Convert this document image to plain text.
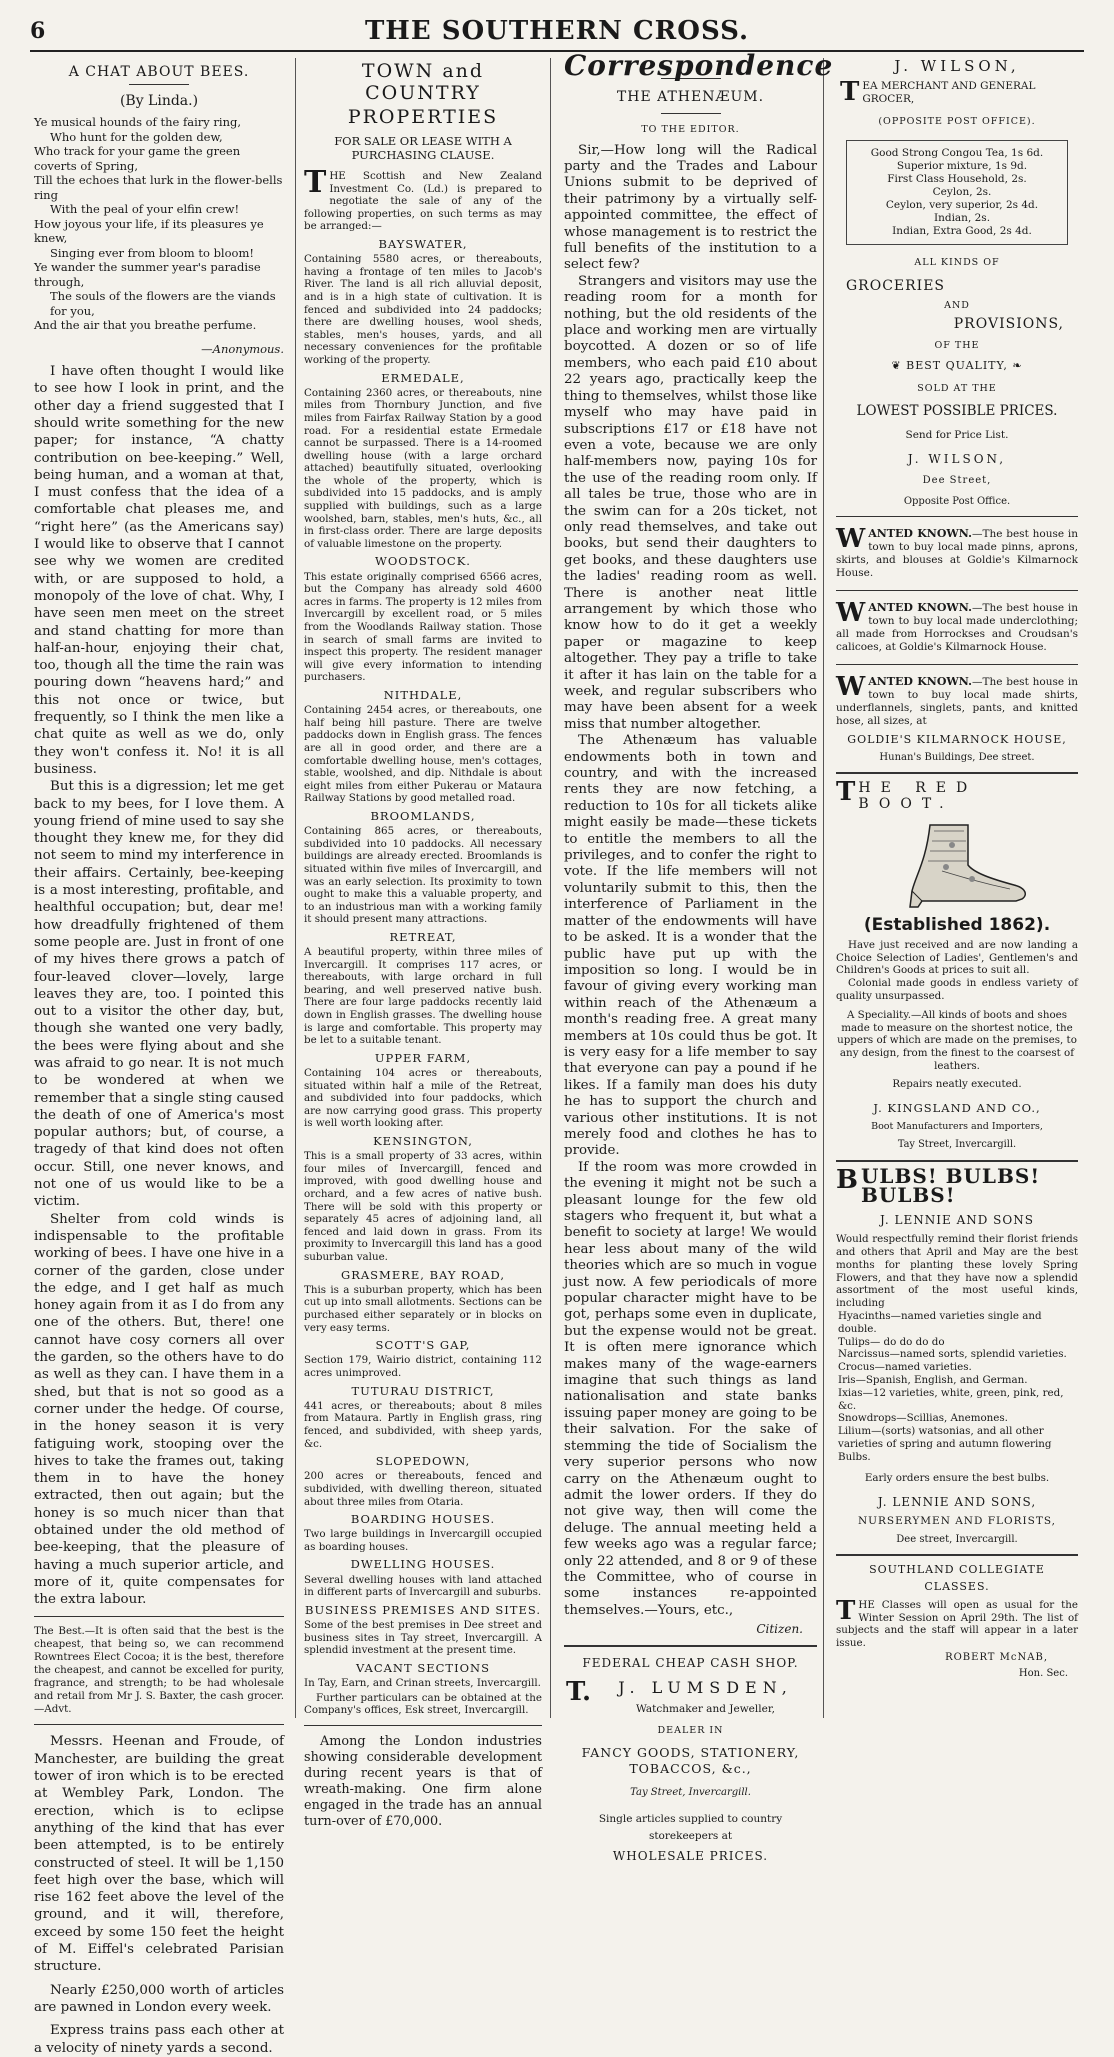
6	THE SOUTHERN CROSS.
A CHAT ABOUT BEES.
(By Linda.)
Ye musical hounds of the fairy ring,
Who hunt for the golden dew,
Who track for your game the green coverts of Spring,
Till the echoes that lurk in the flower-bells ring
With the peal of your elfin crew!
How joyous your life, if its pleasures ye knew,
Singing ever from bloom to bloom!
Ye wander the summer year's paradise through,
The souls of the flowers are the viands for you,
And the air that you breathe perfume.
—Anonymous.

I have often thought I would like to see how I look in print, and the other day a friend suggested that I should write something for the new paper; for instance, “A chatty contribution on bee-keeping.” Well, being human, and a woman at that, I must confess that the idea of a comfortable chat pleases me, and “right here” (as the Americans say) I would like to observe that I cannot see why we women are credited with, or are supposed to hold, a monopoly of the love of chat. Why, I have seen men meet on the street and stand chatting for more than half-an-hour, enjoying their chat, too, though all the time the rain was pouring down “heavens hard;” and this not once or twice, but frequently, so I think the men like a chat quite as well as we do, only they won't confess it. No! it is all business.

But this is a digression; let me get back to my bees, for I love them. A young friend of mine used to say she thought they knew me, for they did not seem to mind my interference in their affairs. Certainly, bee-keeping is a most interesting, profitable, and healthful occupation; but, dear me! how dreadfully frightened of them some people are. Just in front of one of my hives there grows a patch of four-leaved clover—lovely, large leaves they are, too. I pointed this out to a visitor the other day, but, though she wanted one very badly, the bees were flying about and she was afraid to go near. It is not much to be wondered at when we remember that a single sting caused the death of one of America's most popular authors; but, of course, a tragedy of that kind does not often occur. Still, one never knows, and not one of us would like to be a victim.

Shelter from cold winds is indispensable to the profitable working of bees. I have one hive in a corner of the garden, close under the edge, and I get half as much honey again from it as I do from any one of the others. But, there! one cannot have cosy corners all over the garden, so the others have to do as well as they can. I have them in a shed, but that is not so good as a corner under the hedge. Of course, in the honey season it is very fatiguing work, stooping over the hives to take the frames out, taking them in to have the honey extracted, then out again; but the honey is so much nicer than that obtained under the old method of bee-keeping, that the pleasure of having a much superior article, and more of it, quite compensates for the extra labour.

The Best.—It is often said that the best is the cheapest, that being so, we can recommend Rowntrees Elect Cocoa; it is the best, therefore the cheapest, and cannot be excelled for purity, fragrance, and strength; to be had wholesale and retail from Mr J. S. Baxter, the cash grocer.—Advt.

Messrs. Heenan and Froude, of Manchester, are building the great tower of iron which is to be erected at Wembley Park, London. The erection, which is to eclipse anything of the kind that has ever been attempted, is to be entirely constructed of steel. It will be 1,150 feet high over the base, which will rise 162 feet above the level of the ground, and it will, therefore, exceed by some 150 feet the height of M. Eiffel's celebrated Parisian structure.

Nearly £250,000 worth of articles are pawned in London every week.

Express trains pass each other at a velocity of ninety yards a second.

TOWN and COUNTRY
PROPERTIES
FOR SALE OR LEASE WITH A PURCHASING CLAUSE.

THE Scottish and New Zealand Investment Co. (Ld.) is prepared to negotiate the sale of any of the following properties, on such terms as may be arranged:—

BAYSWATER,

Containing 5580 acres, or thereabouts, having a frontage of ten miles to Jacob's River. The land is all rich alluvial deposit, and is in a high state of cultivation. It is fenced and subdivided into 24 paddocks; there are dwelling houses, wool sheds, stables, men's houses, yards, and all necessary conveniences for the profitable working of the property.

ERMEDALE,

Containing 2360 acres, or thereabouts, nine miles from Thornbury Junction, and five miles from Fairfax Railway Station by a good road. For a residential estate Ermedale cannot be surpassed. There is a 14-roomed dwelling house (with a large orchard attached) beautifully situated, overlooking the whole of the property, which is subdivided into 15 paddocks, and is amply supplied with buildings, such as a large woolshed, barn, stables, men's huts, &c., all in first-class order. There are large deposits of valuable limestone on the property.

WOODSTOCK.

This estate originally comprised 6566 acres, but the Company has already sold 4600 acres in farms. The property is 12 miles from Invercargill by excellent road, or 5 miles from the Woodlands Railway station. Those in search of small farms are invited to inspect this property. The resident manager will give every information to intending purchasers.

NITHDALE,

Containing 2454 acres, or thereabouts, one half being hill pasture. There are twelve paddocks down in English grass. The fences are all in good order, and there are a comfortable dwelling house, men's cottages, stable, woolshed, and dip. Nithdale is about eight miles from either Pukerau or Mataura Railway Stations by good metalled road.

BROOMLANDS,

Containing 865 acres, or thereabouts, subdivided into 10 paddocks. All necessary buildings are already erected. Broomlands is situated within five miles of Invercargill, and was an early selection. Its proximity to town ought to make this a valuable property, and to an industrious man with a working family it should present many attractions.

RETREAT,

A beautiful property, within three miles of Invercargill. It comprises 117 acres, or thereabouts, with large orchard in full bearing, and well preserved native bush. There are four large paddocks recently laid down in English grasses. The dwelling house is large and comfortable. This property may be let to a suitable tenant.

UPPER FARM,

Containing 104 acres or thereabouts, situated within half a mile of the Retreat, and subdivided into four paddocks, which are now carrying good grass. This property is well worth looking after.

KENSINGTON,

This is a small property of 33 acres, within four miles of Invercargill, fenced and improved, with good dwelling house and orchard, and a few acres of native bush. There will be sold with this property or separately 45 acres of adjoining land, all fenced and laid down in grass. From its proximity to Invercargill this land has a good suburban value.

GRASMERE, BAY ROAD,

This is a suburban property, which has been cut up into small allotments. Sections can be purchased either separately or in blocks on very easy terms.

SCOTT'S GAP,

Section 179, Wairio district, containing 112 acres unimproved.

TUTURAU DISTRICT,

441 acres, or thereabouts; about 8 miles from Mataura. Partly in English grass, ring fenced, and subdivided, with sheep yards, &c.

SLOPEDOWN,

200 acres or thereabouts, fenced and subdivided, with dwelling thereon, situated about three miles from Otaria.

BOARDING HOUSES.

Two large buildings in Invercargill occupied as boarding houses.

DWELLING HOUSES.

Several dwelling houses with land attached in different parts of Invercargill and suburbs.

BUSINESS PREMISES AND SITES.

Some of the best premises in Dee street and business sites in Tay street, Invercargill. A splendid investment at the present time.

VACANT SECTIONS

In Tay, Earn, and Crinan streets, Invercargill.

Further particulars can be obtained at the Company's offices, Esk street, Invercargill.

Among the London industries showing considerable development during recent years is that of wreath-making. One firm alone engaged in the trade has an annual turn-over of £70,000.

Correspondence
THE ATHENÆUM.
TO THE EDITOR.

Sir,—How long will the Radical party and the Trades and Labour Unions submit to be deprived of their patrimony by a virtually self-appointed committee, the effect of whose management is to restrict the full benefits of the institution to a select few?

Strangers and visitors may use the reading room for a month for nothing, but the old residents of the place and working men are virtually boycotted. A dozen or so of life members, who each paid £10 about 22 years ago, practically keep the thing to themselves, whilst those like myself who may have paid in subscriptions £17 or £18 have not even a vote, because we are only half-members now, paying 10s for the use of the reading room only. If all tales be true, those who are in the swim can for a 20s ticket, not only read themselves, and take out books, but send their daughters to get books, and these daughters use the ladies' reading room as well. There is another neat little arrangement by which those who know how to do it get a weekly paper or magazine to keep altogether. They pay a trifle to take it after it has lain on the table for a week, and regular subscribers who may have been absent for a week miss that number altogether.

The Athenæum has valuable endowments both in town and country, and with the increased rents they are now fetching, a reduction to 10s for all tickets alike might easily be made—these tickets to entitle the members to all the privileges, and to confer the right to vote. If the life members will not voluntarily submit to this, then the interference of Parliament in the matter of the endowments will have to be asked. It is a wonder that the public have put up with the imposition so long. I would be in favour of giving every working man within reach of the Athenæum a month's reading free. A great many members at 10s could thus be got. It is very easy for a life member to say that everyone can pay a pound if he likes. If a family man does his duty he has to support the church and various other institutions. It is not merely food and clothes he has to provide.

If the room was more crowded in the evening it might not be such a pleasant lounge for the few old stagers who frequent it, but what a benefit to society at large! We would hear less about many of the wild theories which are so much in vogue just now. A few periodicals of more popular character might have to be got, perhaps some even in duplicate, but the expense would not be great. It is often mere ignorance which makes many of the wage-earners imagine that such things as land nationalisation and state banks issuing paper money are going to be their salvation. For the sake of stemming the tide of Socialism the very superior persons who now carry on the Athenæum ought to admit the lower orders. If they do not give way, then will come the deluge. The annual meeting held a few weeks ago was a regular farce; only 22 attended, and 8 or 9 of these the Committee, who of course in some instances re-appointed themselves.—Yours, etc.,

Citizen.
FEDERAL CHEAP CASH SHOP.
T. J. LUMSDEN,
Watchmaker and Jeweller,
DEALER IN
FANCY GOODS, STATIONERY, TOBACCOS, &c.,
Tay Street, Invercargill.
Single articles supplied to country storekeepers at
WHOLESALE PRICES.
J. WILSON,
T EA MERCHANT AND GENERAL GROCER,
(OPPOSITE POST OFFICE).
Good Strong Congou Tea, 1s 6d.
Superior mixture, 1s 9d.
First Class Household, 2s.
Ceylon, 2s.
Ceylon, very superior, 2s 4d.
Indian, 2s.
Indian, Extra Good, 2s 4d.
ALL KINDS OF
GROCERIES
AND
PROVISIONS,
OF THE
❦ BEST QUALITY, ❧
SOLD AT THE
LOWEST POSSIBLE PRICES.
Send for Price List.
J. WILSON,
Dee Street,
Opposite Post Office.
WANTED KNOWN.—The best house in town to buy local made pinns, aprons, skirts, and blouses at Goldie's Kilmarnock House.
WANTED KNOWN.—The best house in town to buy local made underclothing; all made from Horrockses and Croudsan's calicoes, at Goldie's Kilmarnock House.
WANTED KNOWN.—The best house in town to buy local made shirts, underflannels, singlets, pants, and knitted hose, all sizes, at
GOLDIE'S KILMARNOCK HOUSE,
Hunan's Buildings, Dee street.
T HE RED BOOT.
(Established 1862).

Have just received and are now landing a Choice Selection of Ladies', Gentlemen's and Children's Goods at prices to suit all.

Colonial made goods in endless variety of quality unsurpassed.

A Speciality.—All kinds of boots and shoes made to measure on the shortest notice, the uppers of which are made on the premises, to any design, from the finest to the coarsest of leathers.

Repairs neatly executed.
J. KINGSLAND AND CO.,
Boot Manufacturers and Importers,
Tay Street, Invercargill.
B ULBS! BULBS! BULBS!
J. LENNIE AND SONS

Would respectfully remind their florist friends and others that April and May are the best months for planting these lovely Spring Flowers, and that they have now a splendid assortment of the most useful kinds, including

Hyacinths—named varieties single and double.
Tulips— do do do do
Narcissus—named sorts, splendid varieties.
Crocus—named varieties.
Iris—Spanish, English, and German.
Ixias—12 varieties, white, green, pink, red, &c.
Snowdrops—Scillias, Anemones.
Lilium—(sorts) watsonias, and all other varieties of spring and autumn flowering Bulbs.
Early orders ensure the best bulbs.
J. LENNIE AND SONS,
NURSERYMEN AND FLORISTS,
Dee street, Invercargill.
SOUTHLAND COLLEGIATE CLASSES.

THE Classes will open as usual for the Winter Session on April 29th. The list of subjects and the staff will appear in a later issue.

ROBERT McNAB,
Hon. Sec.
